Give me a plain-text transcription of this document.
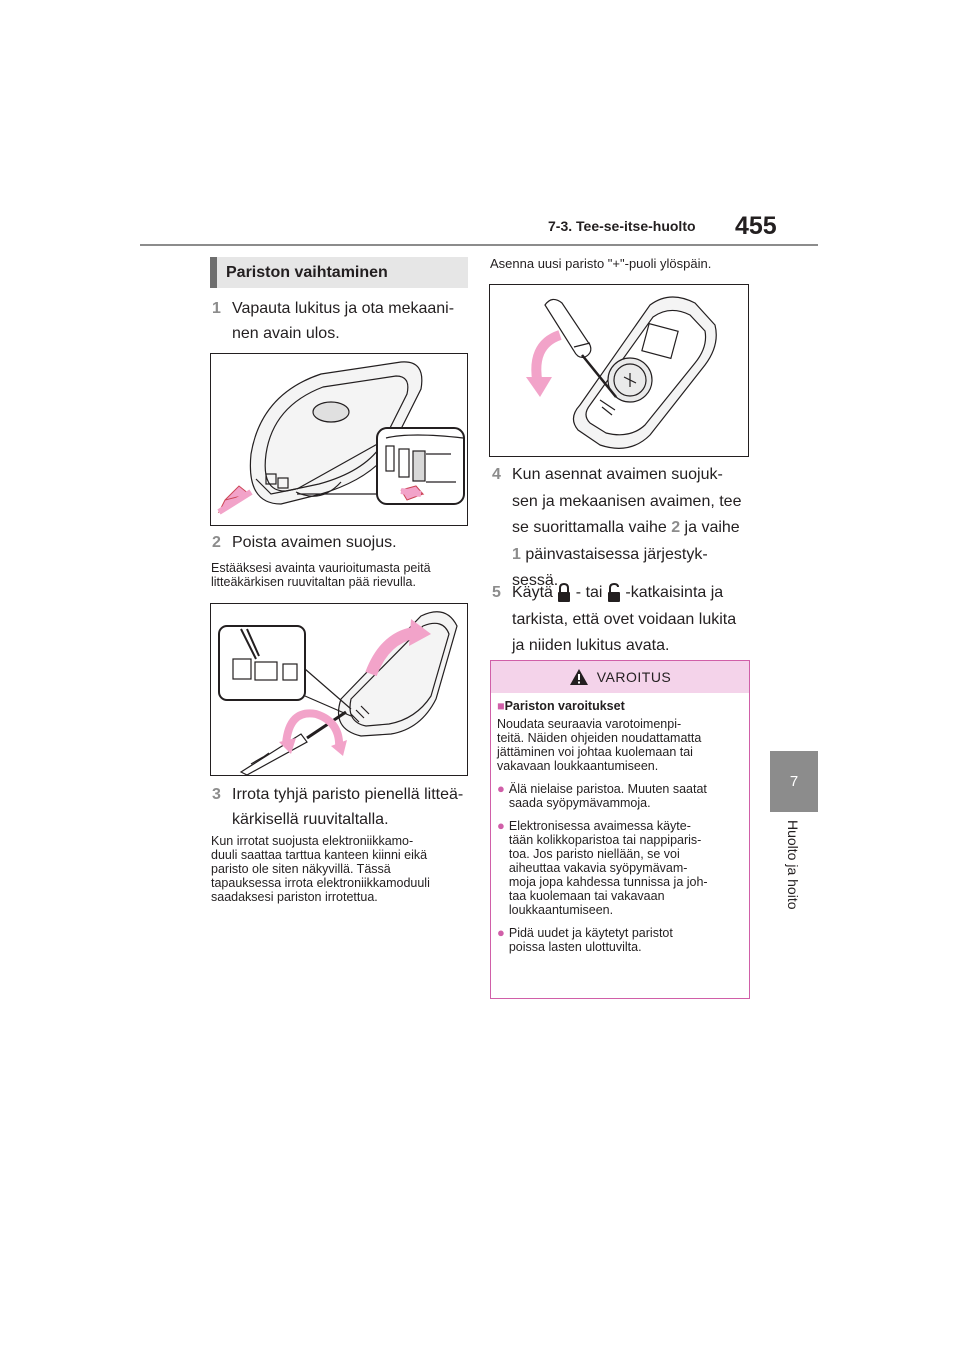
7-3. Tee-se-itse-huolto 455
7
Huolto ja hoito
Pariston vaihtaminen
1 Vapauta lukitus ja ota mekaani-
nen avain ulos.
2 Poista avaimen suojus.
Estääksesi avainta vaurioitumasta peitä
litteäkärkisen ruuvitaltan pää rievulla.
3 Irrota tyhjä paristo pienellä litteä-
kärkisellä ruuvitaltalla.
Kun irrotat suojusta elektroniikkamo-
duuli saattaa tarttua kanteen kiinni eikä
paristo ole siten näkyvillä. Tässä
tapauksessa irrota elektroniikkamoduuli
saadaksesi pariston irrotettua.
Asenna uusi paristo "+"-puoli ylöspäin.
4 Kun asennat avaimen suojuk-
sen ja mekaanisen avaimen, tee
se suorittamalla vaihe 2 ja vaihe
1 päinvastaisessa järjestyk-
sessä.
5 Käytä  - tai  -katkaisinta ja
tarkista, että ovet voidaan lukita
ja niiden lukitus avata.
VAROITUS
■Pariston varoitukset
Noudata seuraavia varotoimenpi-
teitä. Näiden ohjeiden noudattamatta
jättäminen voi johtaa kuolemaan tai
vakavaan loukkaantumiseen.
● Älä nielaise paristoa. Muuten saatat
saada syöpymävammoja.
● Elektronisessa avaimessa käyte-
tään kolikkoparistoa tai nappiparis-
toa. Jos paristo niellään, se voi
aiheuttaa vakavia syöpymävam-
moja jopa kahdessa tunnissa ja joh-
taa kuolemaan tai vakavaan
loukkaantumiseen.
● Pidä uudet ja käytetyt paristot
poissa lasten ulottuvilta.
